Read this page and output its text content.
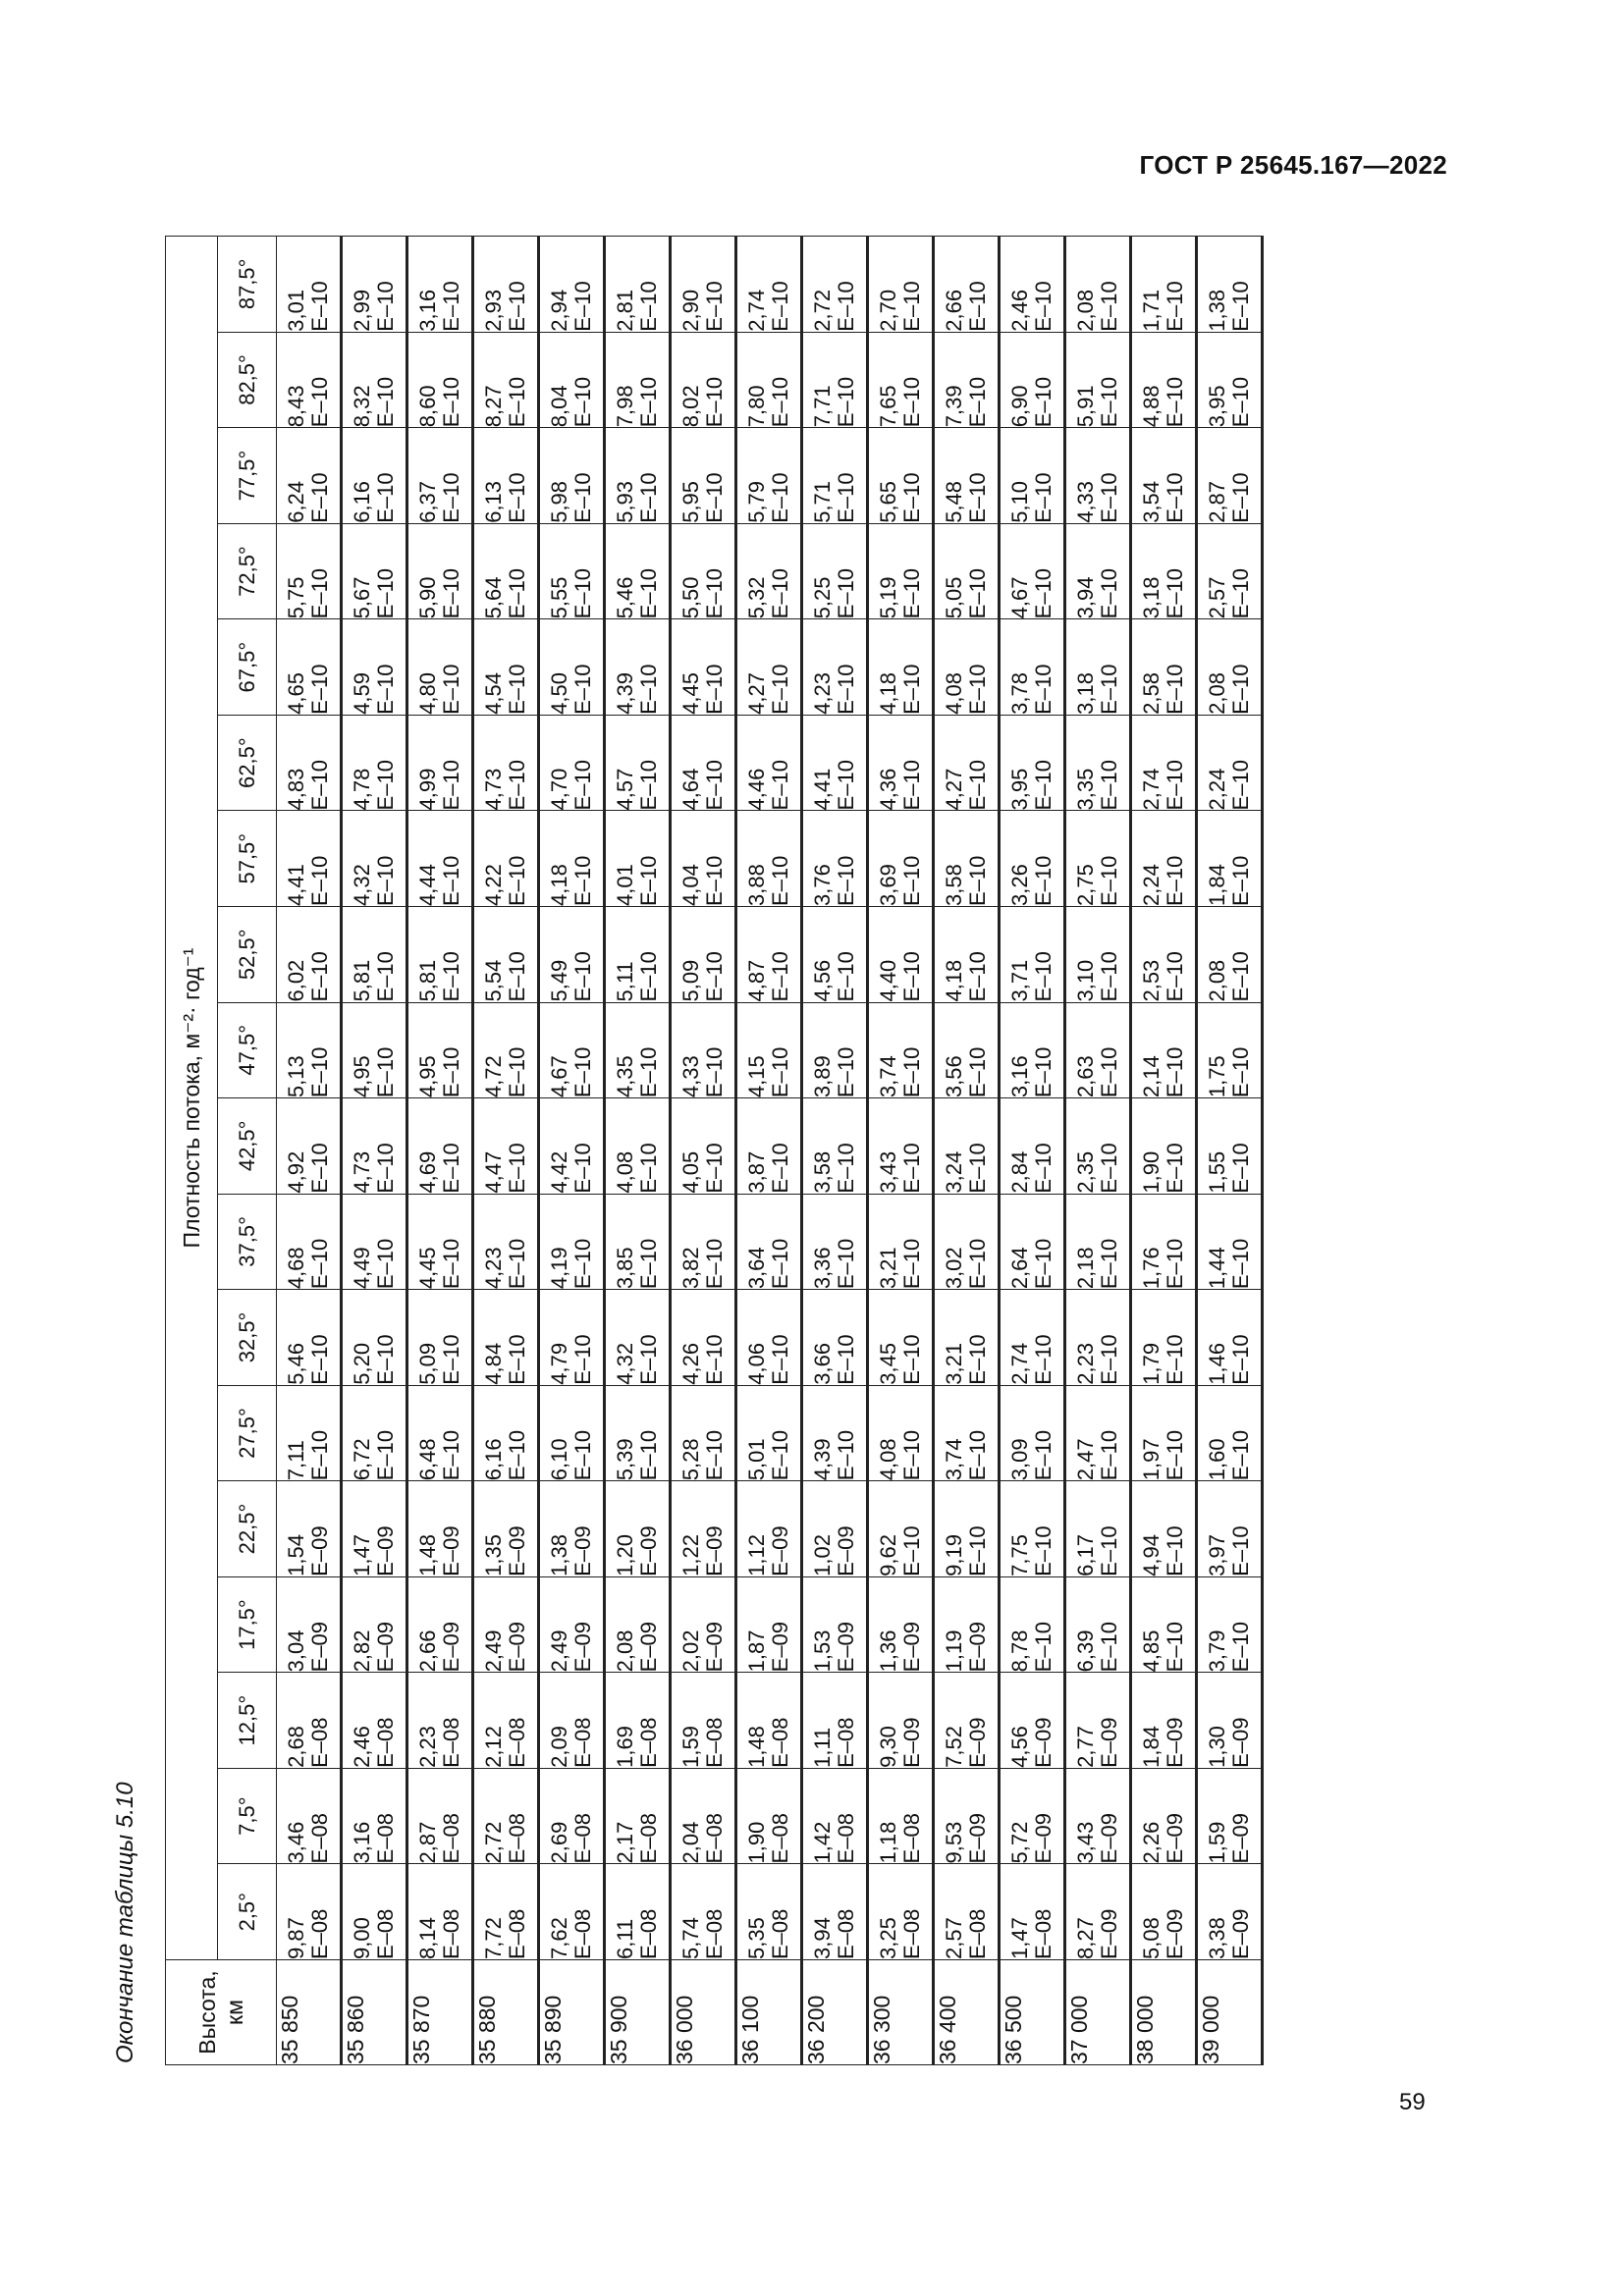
ГОСТ Р 25645.167—2022
Окончание таблицы 5.10 Высота, км	Плотность потока, м⁻²· год⁻¹																	
	2,5°	7,5°	12,5°	17,5°	22,5°	27,5°	32,5°	37,5°	42,5°	47,5°	52,5°	57,5°	62,5°	67,5°	72,5°	77,5°	82,5°	87,5°
35 850	9,87 E–08	3,46 E–08	2,68 E–08	3,04 E–09	1,54 E–09	7,11 E–10	5,46 E–10	4,68 E–10	4,92 E–10	5,13 E–10	6,02 E–10	4,41 E–10	4,83 E–10	4,65 E–10	5,75 E–10	6,24 E–10	8,43 E–10	3,01 E–10

35 860	9,00 E–08	3,16 E–08	2,46 E–08	2,82 E–09	1,47 E–09	6,72 E–10	5,20 E–10	4,49 E–10	4,73 E–10	4,95 E–10	5,81 E–10	4,32 E–10	4,78 E–10	4,59 E–10	5,67 E–10	6,16 E–10	8,32 E–10	2,99 E–10

35 870	8,14 E–08	2,87 E–08	2,23 E–08	2,66 E–09	1,48 E–09	6,48 E–10	5,09 E–10	4,45 E–10	4,69 E–10	4,95 E–10	5,81 E–10	4,44 E–10	4,99 E–10	4,80 E–10	5,90 E–10	6,37 E–10	8,60 E–10	3,16 E–10

35 880	7,72 E–08	2,72 E–08	2,12 E–08	2,49 E–09	1,35 E–09	6,16 E–10	4,84 E–10	4,23 E–10	4,47 E–10	4,72 E–10	5,54 E–10	4,22 E–10	4,73 E–10	4,54 E–10	5,64 E–10	6,13 E–10	8,27 E–10	2,93 E–10

35 890	7,62 E–08	2,69 E–08	2,09 E–08	2,49 E–09	1,38 E–09	6,10 E–10	4,79 E–10	4,19 E–10	4,42 E–10	4,67 E–10	5,49 E–10	4,18 E–10	4,70 E–10	4,50 E–10	5,55 E–10	5,98 E–10	8,04 E–10	2,94 E–10

35 900	6,11 E–08	2,17 E–08	1,69 E–08	2,08 E–09	1,20 E–09	5,39 E–10	4,32 E–10	3,85 E–10	4,08 E–10	4,35 E–10	5,11 E–10	4,01 E–10	4,57 E–10	4,39 E–10	5,46 E–10	5,93 E–10	7,98 E–10	2,81 E–10

36 000	5,74 E–08	2,04 E–08	1,59 E–08	2,02 E–09	1,22 E–09	5,28 E–10	4,26 E–10	3,82 E–10	4,05 E–10	4,33 E–10	5,09 E–10	4,04 E–10	4,64 E–10	4,45 E–10	5,50 E–10	5,95 E–10	8,02 E–10	2,90 E–10

36 100	5,35 E–08	1,90 E–08	1,48 E–08	1,87 E–09	1,12 E–09	5,01 E–10	4,06 E–10	3,64 E–10	3,87 E–10	4,15 E–10	4,87 E–10	3,88 E–10	4,46 E–10	4,27 E–10	5,32 E–10	5,79 E–10	7,80 E–10	2,74 E–10

36 200	3,94 E–08	1,42 E–08	1,11 E–08	1,53 E–09	1,02 E–09	4,39 E–10	3,66 E–10	3,36 E–10	3,58 E–10	3,89 E–10	4,56 E–10	3,76 E–10	4,41 E–10	4,23 E–10	5,25 E–10	5,71 E–10	7,71 E–10	2,72 E–10

36 300	3,25 E–08	1,18 E–08	9,30 E–09	1,36 E–09	9,62 E–10	4,08 E–10	3,45 E–10	3,21 E–10	3,43 E–10	3,74 E–10	4,40 E–10	3,69 E–10	4,36 E–10	4,18 E–10	5,19 E–10	5,65 E–10	7,65 E–10	2,70 E–10

36 400	2,57 E–08	9,53 E–09	7,52 E–09	1,19 E–09	9,19 E–10	3,74 E–10	3,21 E–10	3,02 E–10	3,24 E–10	3,56 E–10	4,18 E–10	3,58 E–10	4,27 E–10	4,08 E–10	5,05 E–10	5,48 E–10	7,39 E–10	2,66 E–10

36 500	1,47 E–08	5,72 E–09	4,56 E–09	8,78 E–10	7,75 E–10	3,09 E–10	2,74 E–10	2,64 E–10	2,84 E–10	3,16 E–10	3,71 E–10	3,26 E–10	3,95 E–10	3,78 E–10	4,67 E–10	5,10 E–10	6,90 E–10	2,46 E–10

37 000	8,27 E–09	3,43 E–09	2,77 E–09	6,39 E–10	6,17 E–10	2,47 E–10	2,23 E–10	2,18 E–10	2,35 E–10	2,63 E–10	3,10 E–10	2,75 E–10	3,35 E–10	3,18 E–10	3,94 E–10	4,33 E–10	5,91 E–10	2,08 E–10

38 000	5,08 E–09	2,26 E–09	1,84 E–09	4,85 E–10	4,94 E–10	1,97 E–10	1,79 E–10	1,76 E–10	1,90 E–10	2,14 E–10	2,53 E–10	2,24 E–10	2,74 E–10	2,58 E–10	3,18 E–10	3,54 E–10	4,88 E–10	1,71 E–10

39 000	3,38 E–09	1,59 E–09	1,30 E–09	3,79 E–10	3,97 E–10	1,60 E–10	1,46 E–10	1,44 E–10	1,55 E–10	1,75 E–10	2,08 E–10	1,84 E–10	2,24 E–10	2,08 E–10	2,57 E–10	2,87 E–10	3,95 E–10	1,38 E–10
59
